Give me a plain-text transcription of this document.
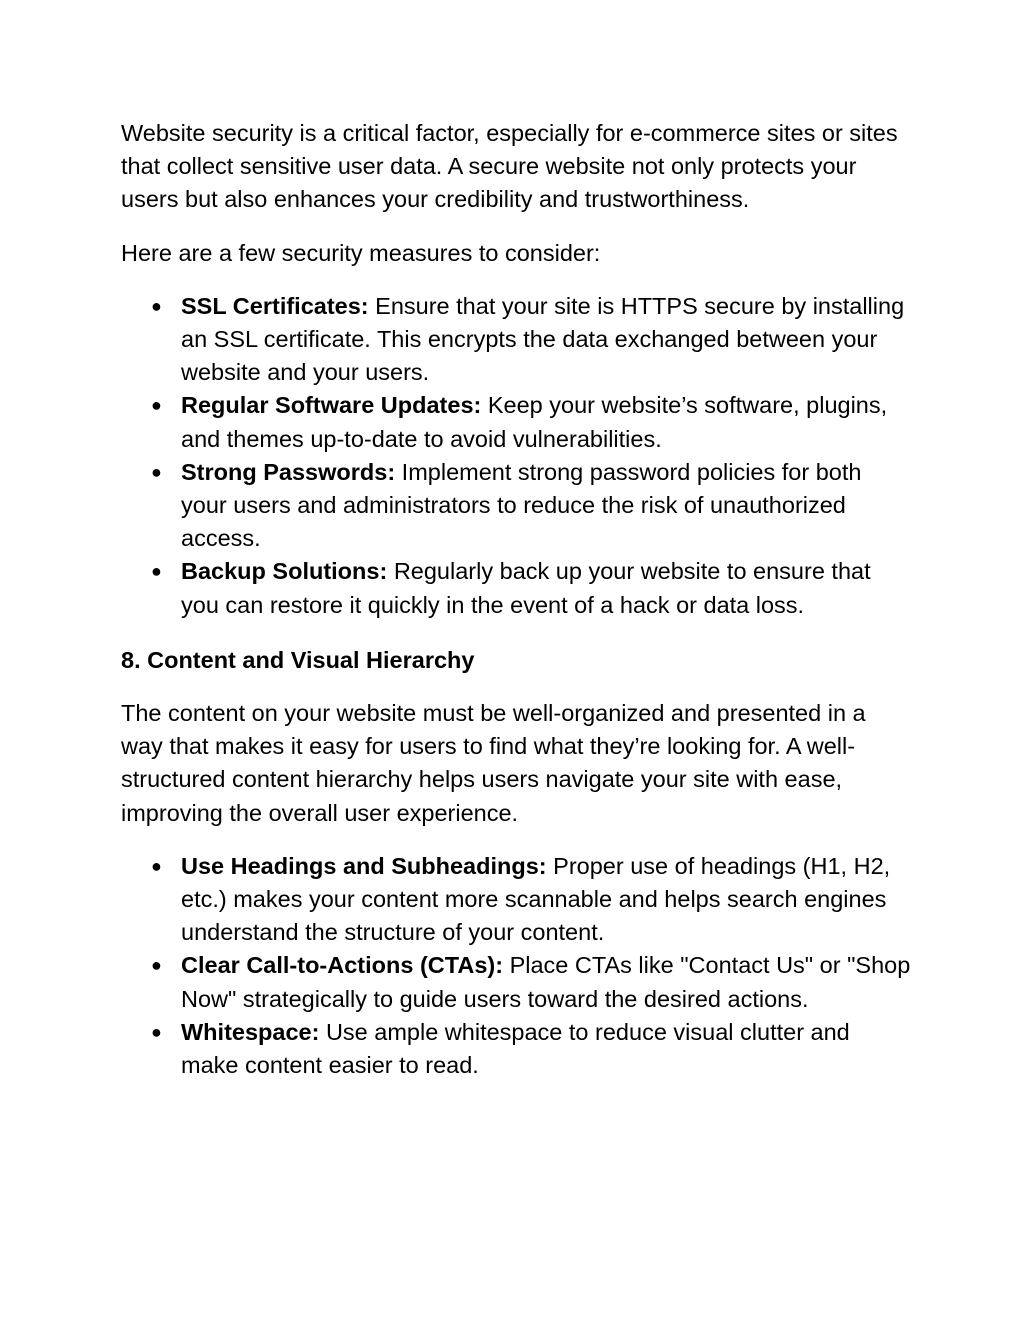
Website security is a critical factor, especially for e-commerce sites or sites that collect sensitive user data. A secure website not only protects your users but also enhances your credibility and trustworthiness.

Here are a few security measures to consider:

● SSL Certificates: Ensure that your site is HTTPS secure by installing an SSL certificate. This encrypts the data exchanged between your website and your users.
● Regular Software Updates: Keep your website’s software, plugins, and themes up-to-date to avoid vulnerabilities.
● Strong Passwords: Implement strong password policies for both your users and administrators to reduce the risk of unauthorized access.
● Backup Solutions: Regularly back up your website to ensure that you can restore it quickly in the event of a hack or data loss.
8. Content and Visual Hierarchy

The content on your website must be well-organized and presented in a way that makes it easy for users to find what they’re looking for. A well-structured content hierarchy helps users navigate your site with ease, improving the overall user experience.

● Use Headings and Subheadings: Proper use of headings (H1, H2, etc.) makes your content more scannable and helps search engines understand the structure of your content.
● Clear Call-to-Actions (CTAs): Place CTAs like "Contact Us" or "Shop Now" strategically to guide users toward the desired actions.
● Whitespace: Use ample whitespace to reduce visual clutter and make content easier to read.
